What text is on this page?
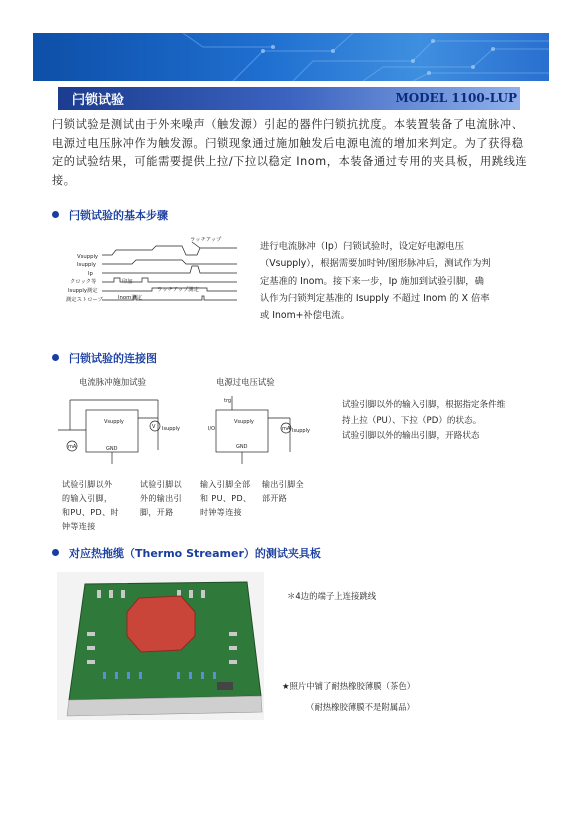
闩锁试验	MODEL 1100-LUP
闩锁试验是测试由于外来噪声（触发源）引起的器件闩锁抗扰度。本装置装备了电流脉冲、电源过电压脉冲作为触发源。闩锁现象通过施加触发后电源电流的增加来判定。为了获得稳定的试验结果，可能需要提供上拉/下拉以稳定 Inom，本装备通过专用的夹具板，用跳线连接。
闩锁试验的基本步骤
Vsupply
Isupply
Ip
クロック等
Isupply測定
測定ストローブ
ラッチアップ
印加
ラッチアップ測定
Inom測定
进行电流脉冲（Ip）闩锁试验时，设定好电源电压（Vsupply），根据需要加时钟/图形脉冲后，测试作为判定基准的 Inom。接下来一步，Ip 施加到试验引脚，确认作为闩锁判定基准的 Isupply 不超过 Inom 的 X 倍率或 Inom+补偿电流。
闩锁试验的连接图
电流脉冲施加试验	电源过电压试验
Vsupply
GND
Isupply
mA
V
trg
Vsupply
GND
Isupply
mA
I/O
试验引脚以外的输入引脚，根据指定条件维持上拉（PU）、下拉（PD）的状态。
试验引脚以外的输出引脚，开路状态
试验引脚以外的输入引脚，和PU、PD、时钟等连接
试验引脚以外的输出引脚，开路
输入引脚全部和 PU、PD、时钟等连接
输出引脚全部开路
对应热拖缆（Thermo Streamer）的测试夹具板
＊4边的端子上连接跳线
★照片中铺了耐热橡胶薄膜（茶色）
（耐热橡胶薄膜不是附属品）
